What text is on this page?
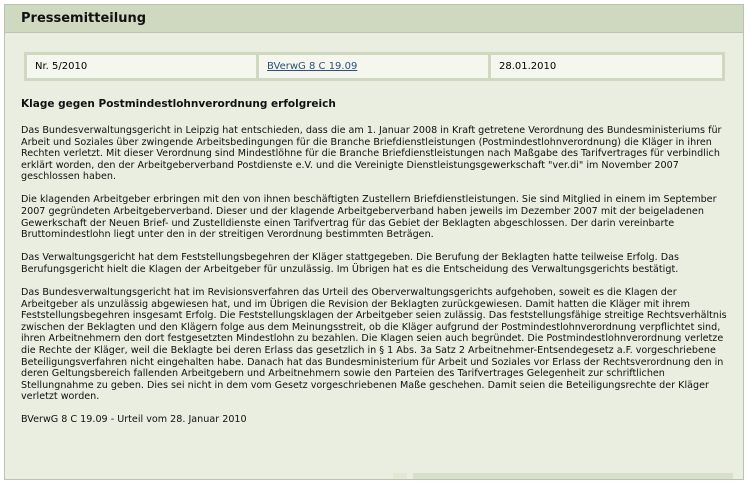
Pressemitteilung
Nr. 5/2010	BVerwG 8 C 19.09	28.01.2010
Klage gegen Postmindestlohnverordnung erfolgreich

Das Bundesverwaltungsgericht in Leipzig hat entschieden, dass die am 1. Januar 2008 in Kraft getretene Verordnung des Bundesministeriums für Arbeit und Soziales über zwingende Arbeitsbedingungen für die Branche Briefdienstleistungen (Postmindestlohnverordnung) die Kläger in ihren Rechten verletzt. Mit dieser Verordnung sind Mindestlöhne für die Branche Briefdienstleistungen nach Maßgabe des Tarifvertrages für verbindlich erklärt worden, den der Arbeitgeberverband Postdienste e.V. und die Vereinigte Dienstleistungsgewerkschaft "ver.di" im November 2007 geschlossen haben.

Die klagenden Arbeitgeber erbringen mit den von ihnen beschäftigten Zustellern Briefdienstleistungen. Sie sind Mitglied in einem im September 2007 gegründeten Arbeitgeberverband. Dieser und der klagende Arbeitgeberverband haben jeweils im Dezember 2007 mit der beigeladenen Gewerkschaft der Neuen Brief- und Zustelldienste einen Tarifvertrag für das Gebiet der Beklagten abgeschlossen. Der darin vereinbarte Bruttomindestlohn liegt unter den in der streitigen Verordnung bestimmten Beträgen.

Das Verwaltungsgericht hat dem Feststellungsbegehren der Kläger stattgegeben. Die Berufung der Beklagten hatte teilweise Erfolg. Das Berufungsgericht hielt die Klagen der Arbeitgeber für unzulässig. Im Übrigen hat es die Entscheidung des Verwaltungsgerichts bestätigt.

Das Bundesverwaltungsgericht hat im Revisionsverfahren das Urteil des Oberverwaltungsgerichts aufgehoben, soweit es die Klagen der Arbeitgeber als unzulässig abgewiesen hat, und im Übrigen die Revision der Beklagten zurückgewiesen. Damit hatten die Kläger mit ihrem Feststellungsbegehren insgesamt Erfolg. Die Feststellungsklagen der Arbeitgeber seien zulässig. Das feststellungsfähige streitige Rechtsverhältnis zwischen der Beklagten und den Klägern folge aus dem Meinungsstreit, ob die Kläger aufgrund der Postmindestlohnverordnung verpflichtet sind, ihren Arbeitnehmern den dort festgesetzten Mindestlohn zu bezahlen. Die Klagen seien auch begründet. Die Postmindestlohnverordnung verletze die Rechte der Kläger, weil die Beklagte bei deren Erlass das gesetzlich in § 1 Abs. 3a Satz 2 Arbeitnehmer-Entsendegesetz a.F. vorgeschriebene Beteiligungsverfahren nicht eingehalten habe. Danach hat das Bundesministerium für Arbeit und Soziales vor Erlass der Rechtsverordnung den in deren Geltungsbereich fallenden Arbeitgebern und Arbeitnehmern sowie den Parteien des Tarifvertrages Gelegenheit zur schriftlichen Stellungnahme zu geben. Dies sei nicht in dem vom Gesetz vorgeschriebenen Maße geschehen. Damit seien die Beteiligungsrechte der Kläger verletzt worden.

BVerwG 8 C 19.09 - Urteil vom 28. Januar 2010
